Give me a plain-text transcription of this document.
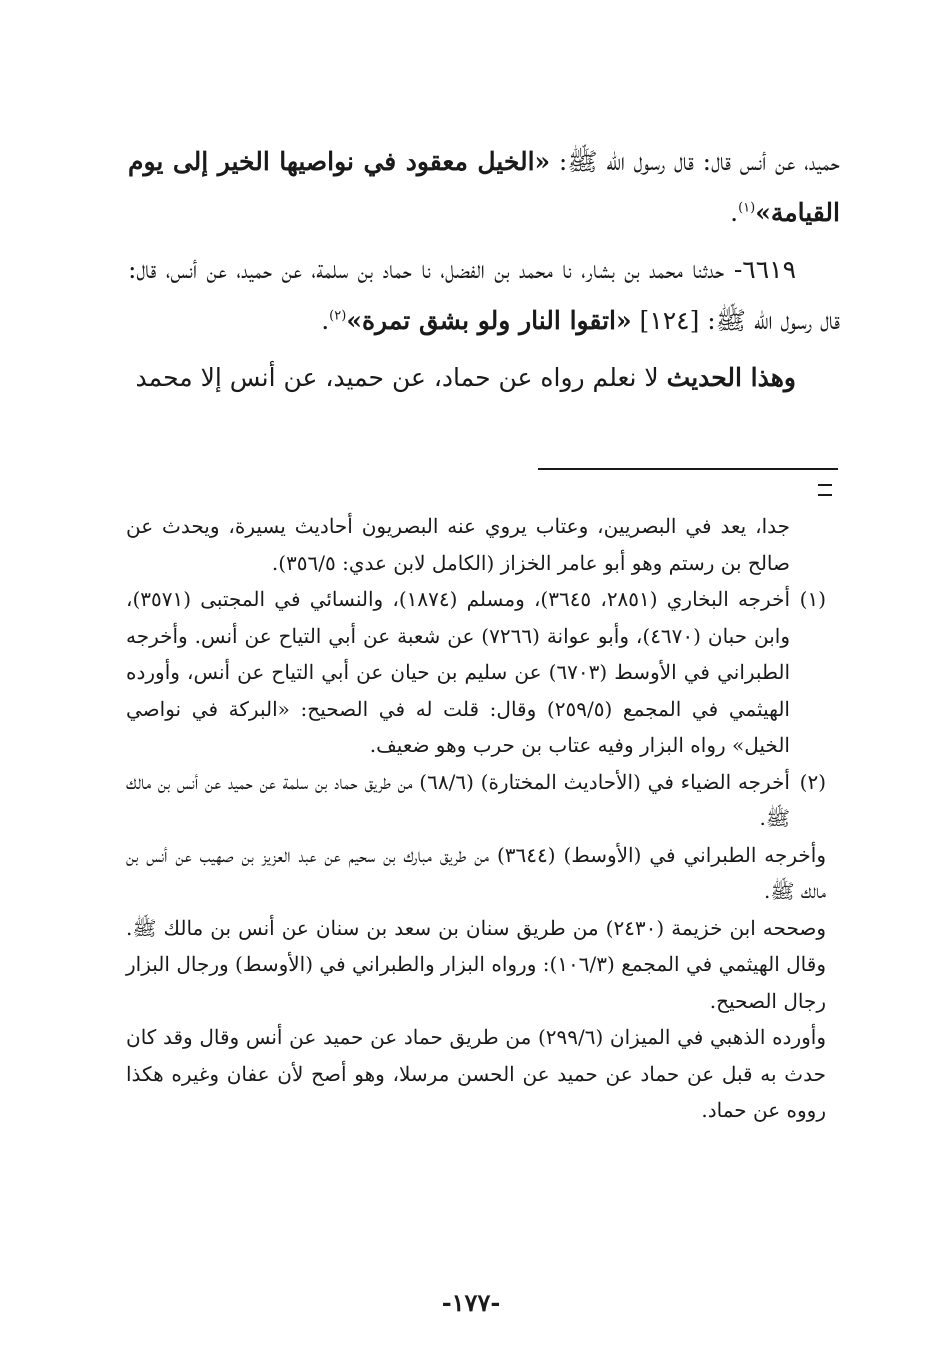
حميد، عن أنس قال: قال رسول الله ﷺ: «الخيل معقود في نواصيها الخير إلى يوم القيامة»$^{(١)}$.

٦٦١٩- حدثنا محمد بن بشار، نا محمد بن الفضل، نا حماد بن سلمة، عن حميد، عن أنس، قال: قال رسول الله ﷺ: [١٢٤] «اتقوا النار ولو بشق تمرة»$^{(٢)}$.

وهذا الحديث لا نعلم رواه عن حماد، عن حميد، عن أنس إلا محمد

جدا، يعد في البصريين، وعتاب يروي عنه البصريون أحاديث يسيرة، ويحدث عن صالح بن رستم وهو أبو عامر الخزاز (الكامل لابن عدي: ٣٥٦/٥).

(١)

أخرجه البخاري (٢٨٥١، ٣٦٤٥)، ومسلم (١٨٧٤)، والنسائي في المجتبى (٣٥٧١)، وابن حبان (٤٦٧٠)، وأبو عوانة (٧٢٦٦) عن شعبة عن أبي التياح عن أنس. وأخرجه الطبراني في الأوسط (٦٧٠٣) عن سليم بن حيان عن أبي التياح عن أنس، وأورده الهيثمي في المجمع (٢٥٩/٥) وقال: قلت له في الصحيح: «البركة في نواصي الخيل» رواه البزار وفيه عتاب بن حرب وهو ضعيف.

(٢)

أخرجه الضياء في (الأحاديث المختارة) (٦٨/٦) من طريق حماد بن سلمة عن حميد عن أنس بن مالك ﷺ.

وأخرجه الطبراني في (الأوسط) (٣٦٤٤) من طريق مبارك بن سحيم عن عبد العزيز بن صهيب عن أنس بن مالك ﷺ.

وصححه ابن خزيمة (٢٤٣٠) من طريق سنان بن سعد بن سنان عن أنس بن مالك ﷺ. وقال الهيثمي في المجمع (١٠٦/٣): ورواه البزار والطبراني في (الأوسط) ورجال البزار رجال الصحيح.

وأورده الذهبي في الميزان (٢٩٩/٦) من طريق حماد عن حميد عن أنس وقال وقد كان حدث به قبل عن حماد عن حميد عن الحسن مرسلا، وهو أصح لأن عفان وغيره هكذا رووه عن حماد.

-١٧٧-
